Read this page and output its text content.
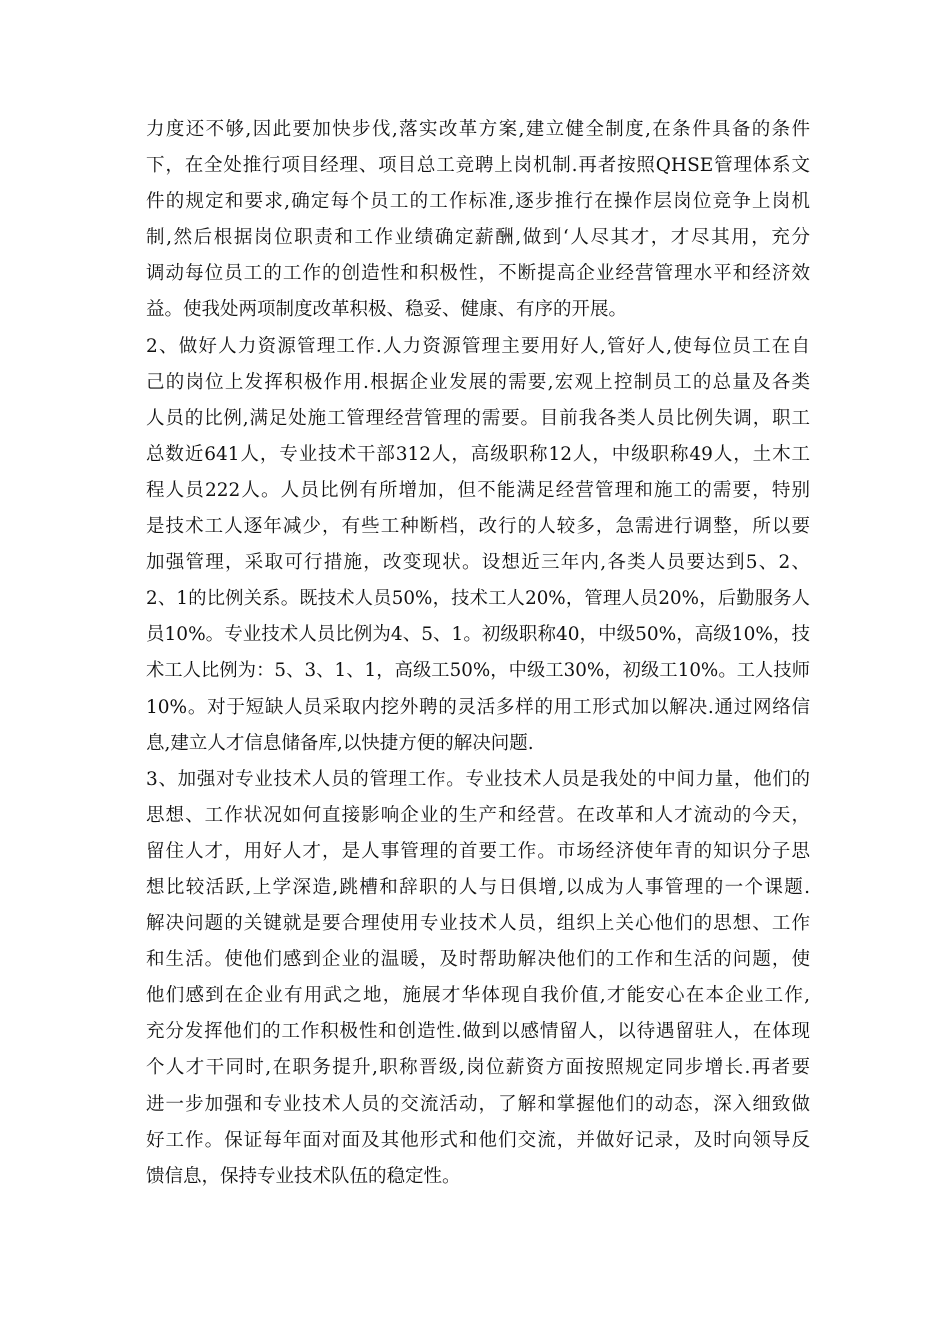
力度还不够,因此要加快步伐,落实改革方案,建立健全制度,在条件具备的条件
下，在全处推行项目经理、项目总工竞聘上岗机制.再者按照QHSE管理体系文
件的规定和要求,确定每个员工的工作标准,逐步推行在操作层岗位竞争上岗机
制,然后根据岗位职责和工作业绩确定薪酬,做到‘人尽其才，才尽其用，充分
调动每位员工的工作的创造性和积极性，不断提高企业经营管理水平和经济效
益。使我处两项制度改革积极、稳妥、健康、有序的开展。
2、做好人力资源管理工作.人力资源管理主要用好人,管好人,使每位员工在自
己的岗位上发挥积极作用.根据企业发展的需要,宏观上控制员工的总量及各类
人员的比例,满足处施工管理经营管理的需要。目前我各类人员比例失调，职工
总数近641人，专业技术干部312人，高级职称12人，中级职称49人，土木工
程人员222人。人员比例有所增加，但不能满足经营管理和施工的需要，特别
是技术工人逐年减少，有些工种断档，改行的人较多，急需进行调整，所以要
加强管理，采取可行措施，改变现状。设想近三年内,各类人员要达到5、2、
2、1的比例关系。既技术人员50%，技术工人20%，管理人员20%，后勤服务人
员10%。专业技术人员比例为4、5、1。初级职称40，中级50%，高级10%，技
术工人比例为：5、3、1、1，高级工50%，中级工30%，初级工10%。工人技师
10%。对于短缺人员采取内挖外聘的灵活多样的用工形式加以解决.通过网络信
息,建立人才信息储备库,以快捷方便的解决问题.
3、加强对专业技术人员的管理工作。专业技术人员是我处的中间力量，他们的
思想、工作状况如何直接影响企业的生产和经营。在改革和人才流动的今天，
留住人才，用好人才，是人事管理的首要工作。市场经济使年青的知识分子思
想比较活跃,上学深造,跳槽和辞职的人与日俱增,以成为人事管理的一个课题.
解决问题的关键就是要合理使用专业技术人员，组织上关心他们的思想、工作
和生活。使他们感到企业的温暖，及时帮助解决他们的工作和生活的问题，使
他们感到在企业有用武之地，施展才华体现自我价值,才能安心在本企业工作,
充分发挥他们的工作积极性和创造性.做到以感情留人，以待遇留驻人，在体现
个人才干同时,在职务提升,职称晋级,岗位薪资方面按照规定同步增长.再者要
进一步加强和专业技术人员的交流活动，了解和掌握他们的动态，深入细致做
好工作。保证每年面对面及其他形式和他们交流，并做好记录，及时向领导反
馈信息，保持专业技术队伍的稳定性。
